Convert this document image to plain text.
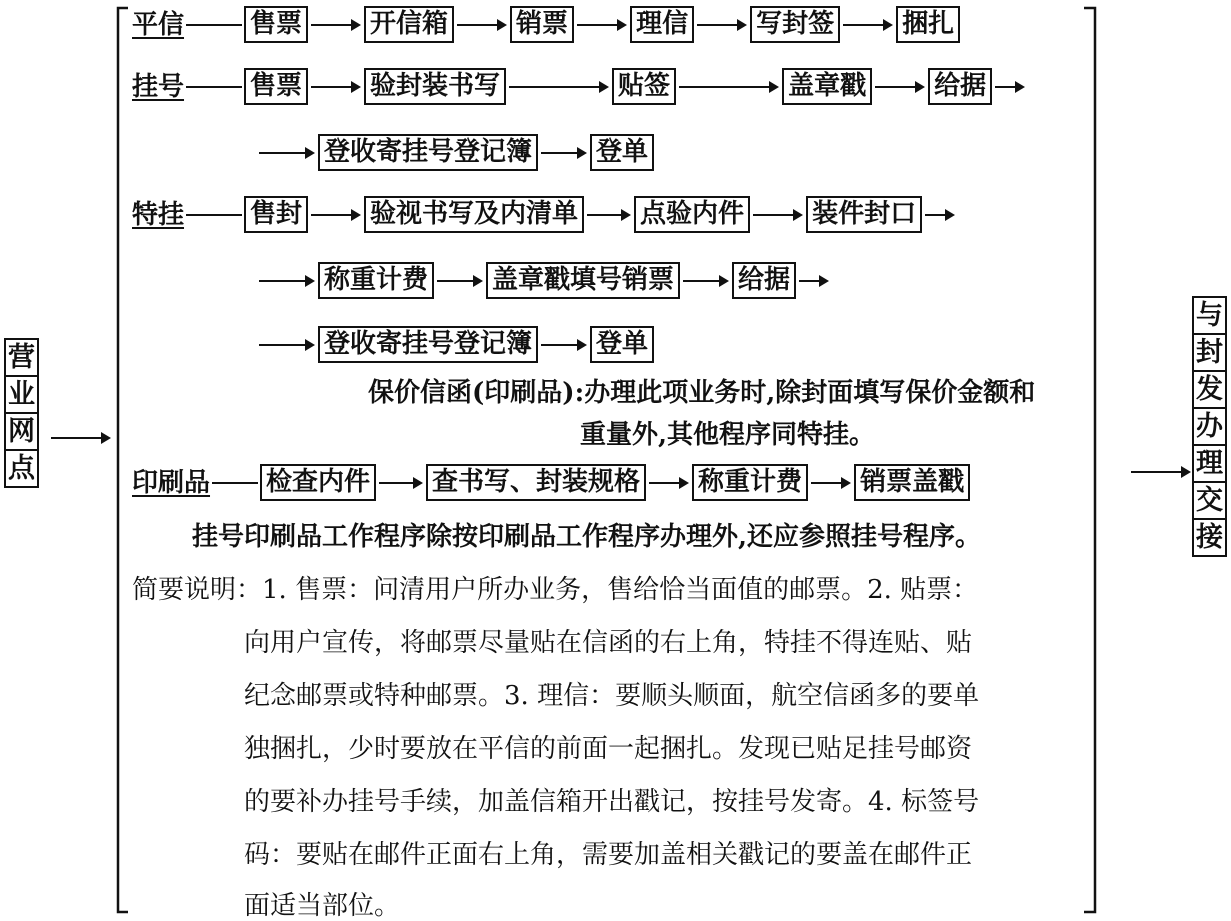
营
业
网
点
与
封
发
办
理
交
接
平信	售票	开信箱	销票	理信	写封签	捆扎
挂号	售票	验封装书写	贴签	盖章戳	给据
登收寄挂号登记簿 登单
特挂	售封	验视书写及内清单 点验内件	装件封口
称重计费 盖章戳填号销票 给据
登收寄挂号登记簿 登单
保价信函(印刷品):办理此项业务时,除封面填写保价金额和
重量外,其他程序同特挂。
印刷品 检查内件 查书写、封装规格 称重计费 销票盖戳
挂号印刷品工作程序除按印刷品工作程序办理外,还应参照挂号程序。
简要说明：1. 售票：问清用户所办业务，售给恰当面值的邮票。2. 贴票：
向用户宣传，将邮票尽量贴在信函的右上角，特挂不得连贴、贴
纪念邮票或特种邮票。3. 理信：要顺头顺面，航空信函多的要单
独捆扎，少时要放在平信的前面一起捆扎。发现已贴足挂号邮资
的要补办挂号手续，加盖信箱开出戳记，按挂号发寄。4. 标签号
码：要贴在邮件正面右上角，需要加盖相关戳记的要盖在邮件正
面适当部位。
